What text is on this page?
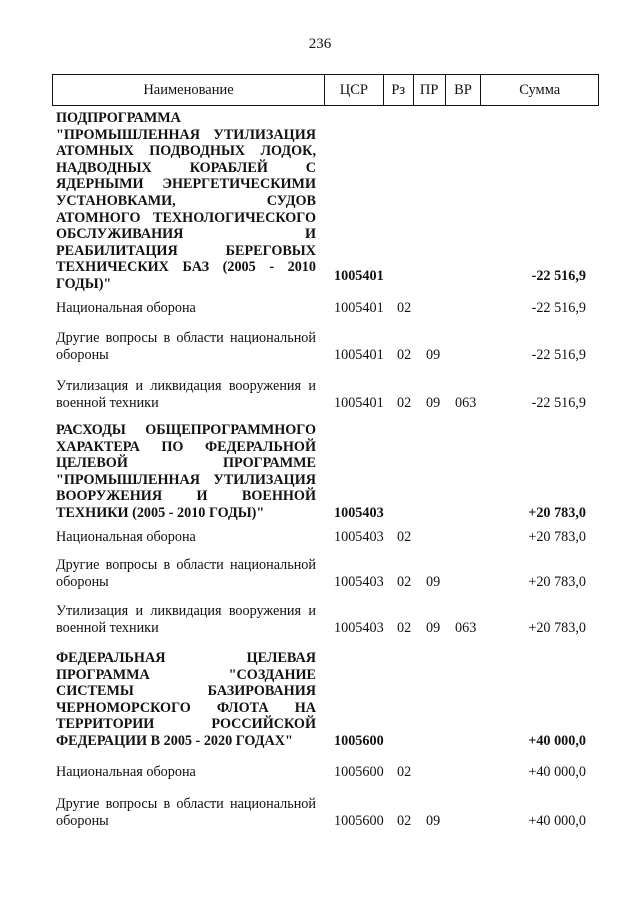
236
Наименование	ЦСР	Рз	ПР	ВР	Сумма
ПОДПРОГРАММА "ПРОМЫШЛЕННАЯ УТИЛИЗАЦИЯ АТОМНЫХ ПОДВОДНЫХ ЛОДОК, НАДВОДНЫХ КОРАБЛЕЙ С ЯДЕРНЫМИ ЭНЕРГЕТИЧЕСКИМИ УСТАНОВКАМИ, СУДОВ АТОМНОГО ТЕХНОЛОГИЧЕСКОГО ОБСЛУЖИВАНИЯ И РЕАБИЛИТАЦИЯ БЕРЕГОВЫХ ТЕХНИЧЕСКИХ БАЗ (2005 - 2010 ГОДЫ)"	1005401	-22 516,9
Национальная оборона	1005401 02	-22 516,9
Другие вопросы в области национальной обороны	1005401 02 09	-22 516,9
Утилизация и ликвидация вооружения и военной техники	1005401 02 09 063	-22 516,9
РАСХОДЫ ОБЩЕПРОГРАММНОГО ХАРАКТЕРА ПО ФЕДЕРАЛЬНОЙ ЦЕЛЕВОЙ ПРОГРАММЕ "ПРОМЫШЛЕННАЯ УТИЛИЗАЦИЯ ВООРУЖЕНИЯ И ВОЕННОЙ ТЕХНИКИ (2005 - 2010 ГОДЫ)"	1005403	+20 783,0
Национальная оборона	1005403 02	+20 783,0
Другие вопросы в области национальной обороны	1005403 02 09	+20 783,0
Утилизация и ликвидация вооружения и военной техники	1005403 02 09 063	+20 783,0
ФЕДЕРАЛЬНАЯ ЦЕЛЕВАЯ ПРОГРАММА "СОЗДАНИЕ СИСТЕМЫ БАЗИРОВАНИЯ ЧЕРНОМОРСКОГО ФЛОТА НА ТЕРРИТОРИИ РОССИЙСКОЙ ФЕДЕРАЦИИ В 2005 - 2020 ГОДАХ"	1005600	+40 000,0
Национальная оборона	1005600 02	+40 000,0
Другие вопросы в области национальной обороны	1005600 02 09	+40 000,0
